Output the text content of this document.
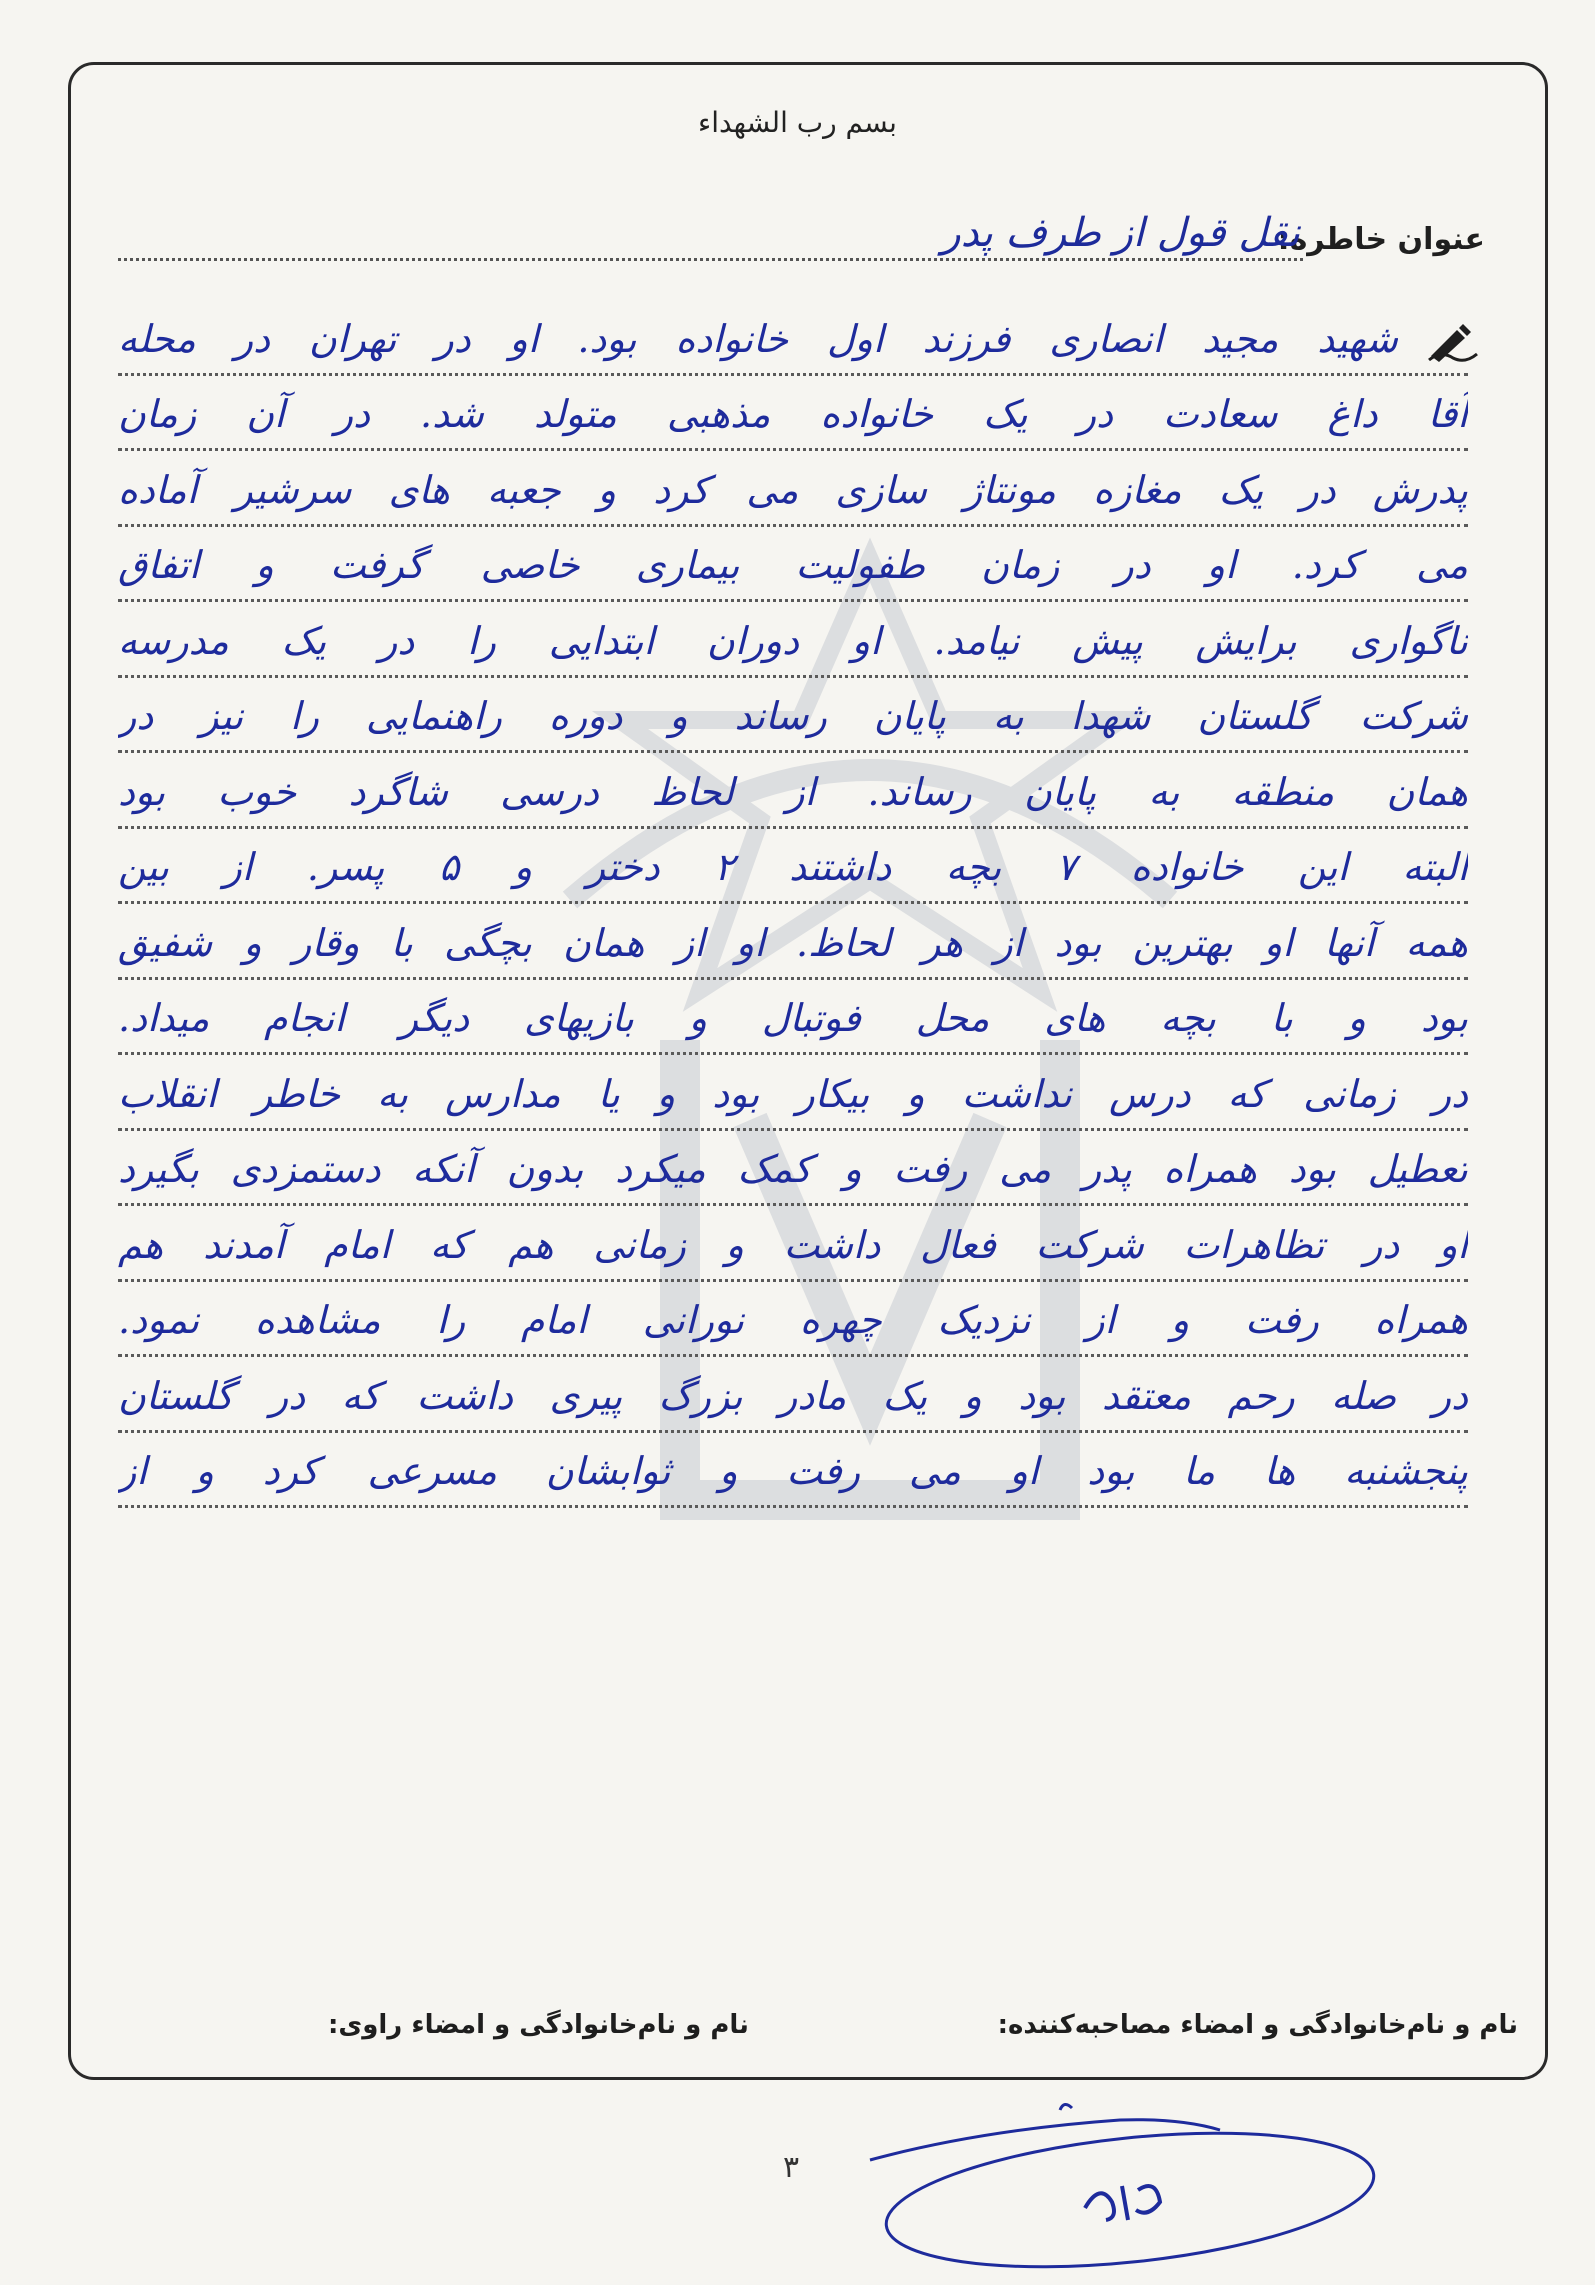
بسم رب الشهداء
عنوان خاطره:
نقل قول از طرف پدر
شهید مجید انصاری فرزند اول خانواده بود. او در تهران در محله
آقا داغ سعادت در یک خانواده مذهبی متولد شد. در آن زمان
پدرش در یک مغازه مونتاژ سازی می کرد و جعبه های سرشیر آماده
می کرد. او در زمان طفولیت بیماری خاصی گرفت و اتفاق
ناگواری برایش پیش نیامد. او دوران ابتدایی را در یک مدرسه
شرکت گلستان شهدا به پایان رساند و دوره راهنمایی را نیز در
همان منطقه به پایان رساند. از لحاظ درسی شاگرد خوب بود
البته این خانواده ۷ بچه داشتند ۲ دختر و ۵ پسر. از بین
همه آنها او بهترین بود از هر لحاظ. او از همان بچگی با وقار و شفیق
بود و با بچه های محل فوتبال و بازیهای دیگر انجام میداد.
در زمانی که درس نداشت و بیکار بود و یا مدارس به خاطر انقلاب
تعطیل بود همراه پدر می رفت و کمک میکرد بدون آنکه دستمزدی بگیرد
او در تظاهرات شرکت فعال داشت و زمانی هم که امام آمدند هم
همراه رفت و از نزدیک چهره نورانی امام را مشاهده نمود.
در صله رحم معتقد بود و یک مادر بزرگ پیری داشت که در گلستان
پنجشنبه ها ما بود او می رفت و ثوابشان مسرعی کرد و از
نام و نام‌خانوادگی و امضاء مصاحبه‌کننده:
نام و نام‌خانوادگی و امضاء راوی:
۳
